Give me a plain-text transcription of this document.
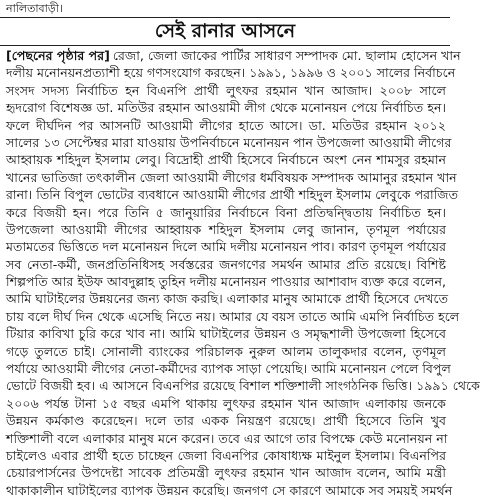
নালিতাবাড়ী।
সেই রানার আসনে
[পেছনের পৃষ্ঠার পর] রেজা, জেলা জাকের পার্টির সাধারণ সম্পাদক মো. ছালাম হোসেন খান
দলীয় মনোনয়নপ্রত্যাশী হয়ে গণসংযোগ করছেন। ১৯৯১, ১৯৯৬ ও ২০০১ সালের নির্বাচনে
সংসদ সদস্য নির্বাচিত হন বিএনপি প্রার্থী লুৎফর রহমান খান আজাদ। ২০০৮ সালে
হৃদরোগ বিশেষজ্ঞ ডা. মতিউর রহমান আওয়ামী লীগ থেকে মনোনয়ন পেয়ে নির্বাচিত হন।
ফলে দীর্ঘদিন পর আসনটি আওয়ামী লীগের হাতে আসে। ডা. মতিউর রহমান ২০১২
সালের ১৩ সেপ্টেম্বর মারা যাওয়ায় উপনির্বাচনে মনোনয়ন পান উপজেলা আওয়ামী লীগের
আহ্বায়ক শহিদুল ইসলাম লেবু। বিদ্রোহী প্রার্থী হিসেবে নির্বাচনে অংশ নেন শামসুর রহমান
খানের ভাতিজা তৎকালীন জেলা আওয়ামী লীগের ধর্মবিষয়ক সম্পাদক আমানুর রহমান খান
রানা। তিনি বিপুল ভোটের ব্যবধানে আওয়ামী লীগের প্রার্থী শহিদুল ইসলাম লেবুকে পরাজিত
করে বিজয়ী হন। পরে তিনি ৫ জানুয়ারির নির্বাচনে বিনা প্রতিদ্বন্দ্বিতায় নির্বাচিত হন।
উপজেলা আওয়ামী লীগের আহ্বায়ক শহিদুল ইসলাম লেবু জানান, তৃণমূল পর্যায়ের
মতামতের ভিত্তিতে দল মনোনয়ন দিলে আমি দলীয় মনোনয়ন পাব। কারণ তৃণমূল পর্যায়ের
সব নেতা-কর্মী, জনপ্রতিনিধিসহ সর্বস্তরের জনগণের সমর্থন আমার প্রতি রয়েছে। বিশিষ্ট
শিল্পপতি আর ইউফ আবদুল্লাহ তুহিন দলীয় মনোনয়ন পাওয়ার আশাবাদ ব্যক্ত করে বলেন,
আমি ঘাটাইলের উন্নয়নের জন্য কাজ করছি। এলাকার মানুষ আমাকে প্রার্থী হিসেবে দেখতে
চায় বলে দীর্ঘ দিন থেকে এসেছি নিতে নয়। আমার যে বয়স তাতে আমি এমপি নির্বাচিত হলে
টিয়ার কাবিখা চুরি করে খাব না। আমি ঘাটাইলের উন্নয়ন ও সমৃদ্ধশালী উপজেলা হিসেবে
গড়ে তুলতে চাই। সোনালী ব্যাংকের পরিচালক নুরুল আলম তালুকদার বলেন, তৃণমূল
পর্যায়ে আওয়ামী লীগের নেতা-কর্মীদের ব্যাপক সাড়া পেয়েছি। আমি মনোনয়ন পেলে বিপুল
ভোটে বিজয়ী হব। এ আসনে বিএনপির রয়েছে বিশাল শক্তিশালী সাংগঠনিক ভিত্তি। ১৯৯১ থেকে
২০০৬ পর্যন্ত টানা ১৫ বছর এমপি থাকায় লুৎফর রহমান খান আজাদ এলাকায় জনকে
উন্নয়ন কর্মকাণ্ড করেছেন। দলে তার একক নিয়ন্ত্রণ রয়েছে। প্রার্থী হিসেবে তিনি খুব
শক্তিশালী বলে এলাকার মানুষ মনে করেন। তবে এর আগে তার বিপক্ষে কেউ মনোনয়ন না
চাইলেও এবার প্রার্থী হতে চাচ্ছেন জেলা বিএনপির কোষাধ্যক্ষ মাইনুল ইসলাম। বিএনপির
চেয়ারপার্সনের উপদেষ্টা সাবেক প্রতিমন্ত্রী লুৎফর রহমান খান আজাদ বলেন, আমি মন্ত্রী
থাকাকালীন ঘাটাইলের ব্যাপক উন্নয়ন করেছি। জনগণ সে কারণে আমাকে সব সময়ই সমর্থন
